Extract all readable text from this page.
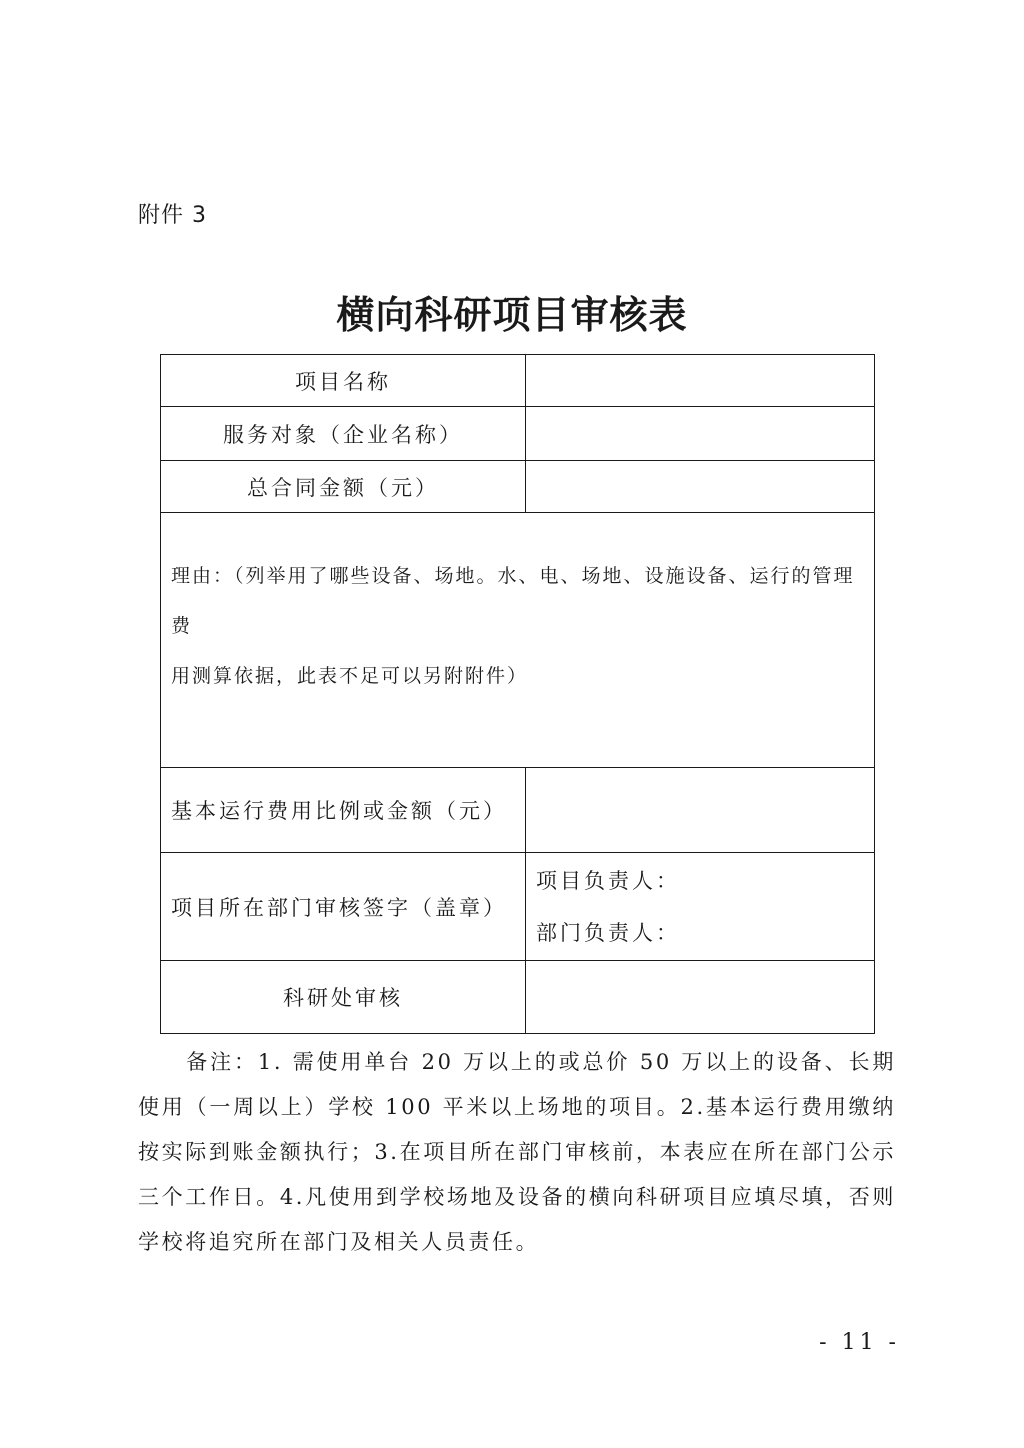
附件 3
横向科研项目审核表
项目名称	
服务对象（企业名称）	
总合同金额（元）	

理由：（列举用了哪些设备、场地。水、电、场地、设施设备、运行的管理费
用测算依据，此表不足可以另附附件）	

基本运行费用比例或金额（元）	
项目所在部门审核签字（盖章）	项目负责人：
部门负责人：

科研处审核	
备注：1. 需使用单台 20 万以上的或总价 50 万以上的设备、长期使用（一周以上）学校 100 平米以上场地的项目。2.基本运行费用缴纳按实际到账金额执行；3.在项目所在部门审核前，本表应在所在部门公示三个工作日。4.凡使用到学校场地及设备的横向科研项目应填尽填，否则学校将追究所在部门及相关人员责任。
- 11 -
